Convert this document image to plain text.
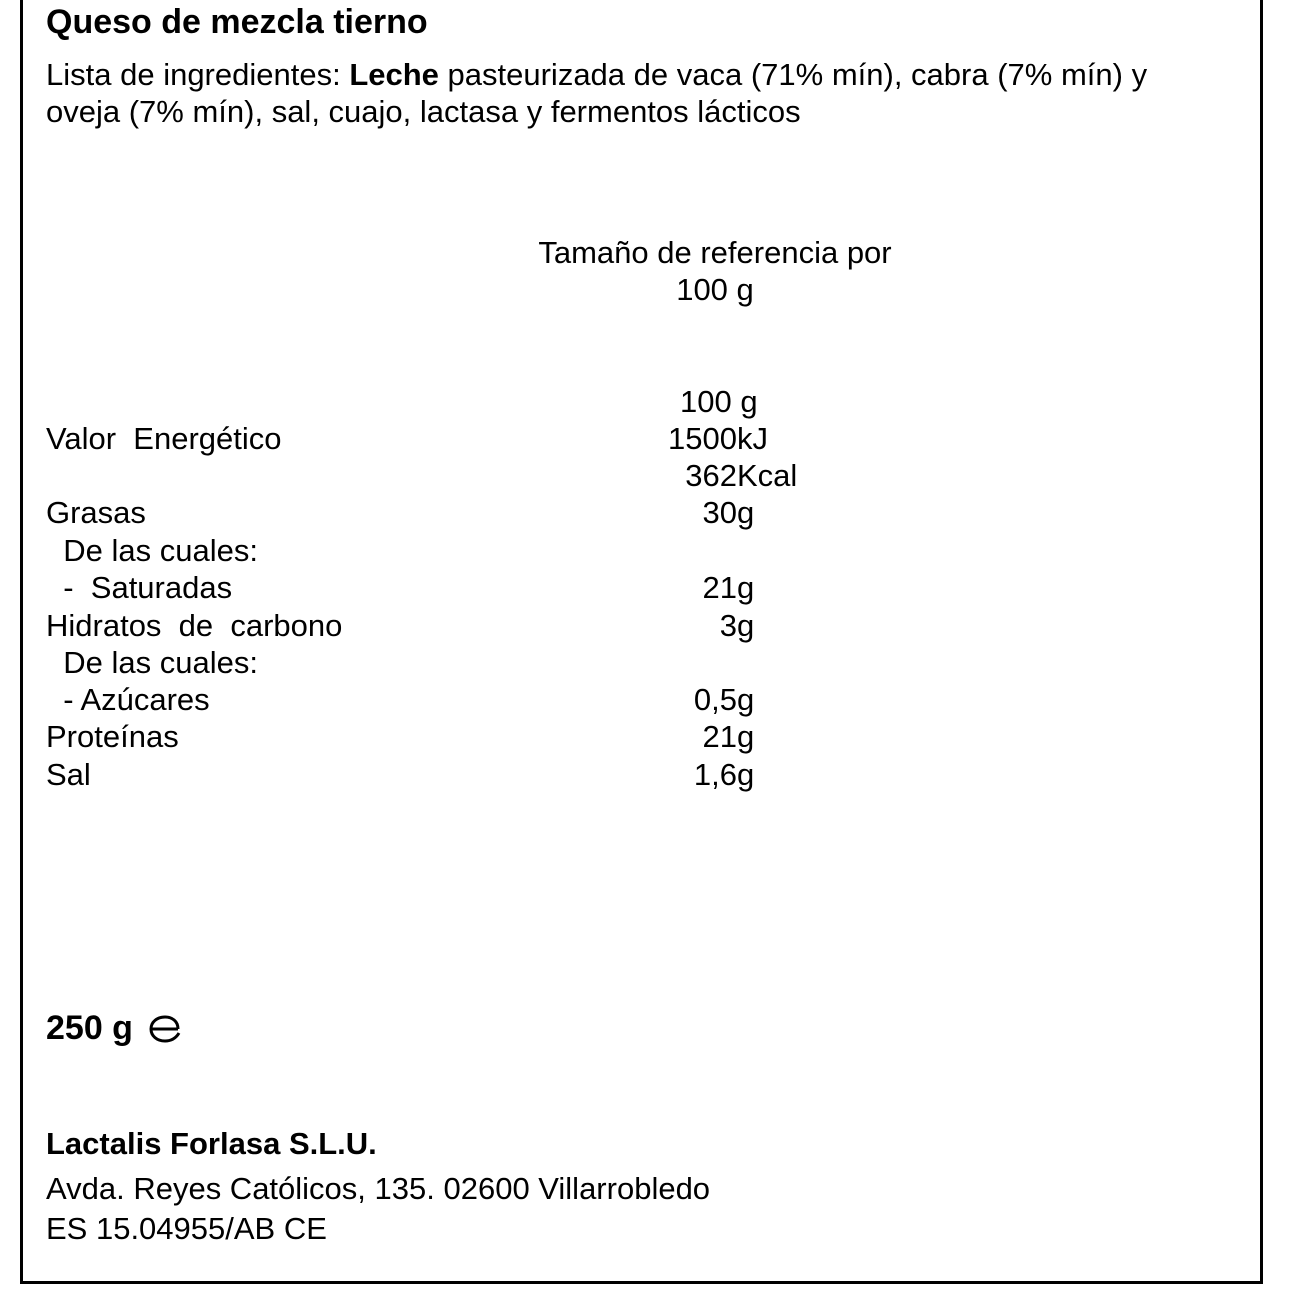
Queso de mezcla tierno
Lista de ingredientes: Leche pasteurizada de vaca (71% mín), cabra (7% mín) y oveja (7% mín), sal, cuajo, lactasa y fermentos lácticos
Tamaño de referencia por
100 g
100 g
Valor  Energético	1500 kJ
362 Kcal
Grasas	30 g
De las cuales:
-  Saturadas	21 g
Hidratos  de  carbono	3 g
De las cuales:
- Azúcares	0,5 g
Proteínas	21 g
Sal	1,6 g
250 g
Lactalis Forlasa S.L.U.
Avda. Reyes Católicos, 135. 02600 Villarrobledo
ES 15.04955/AB CE
